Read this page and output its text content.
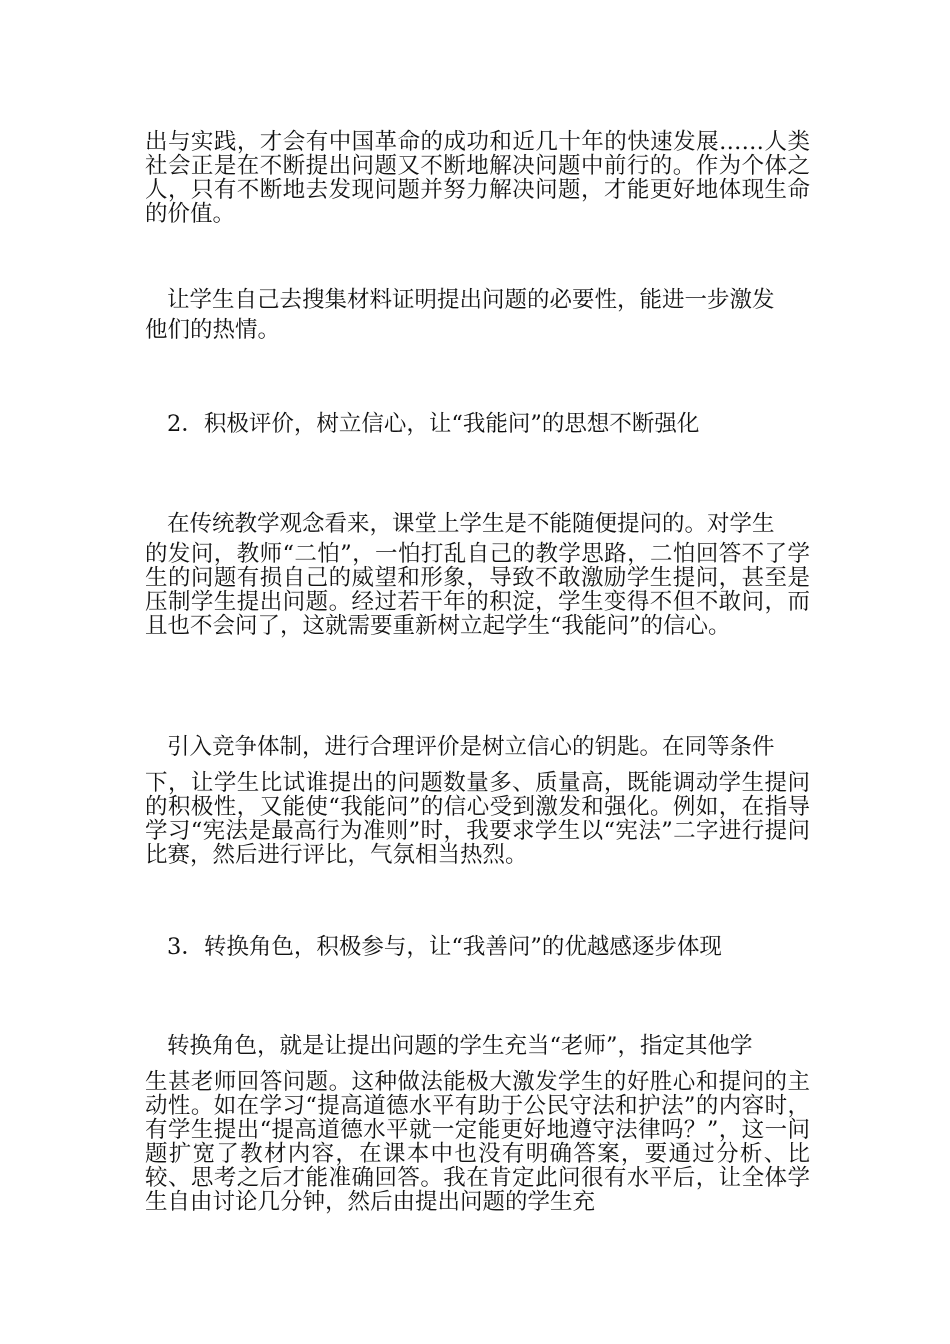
出与实践，才会有中国革命的成功和近几十年的快速发展……人类社会正是在不断提出问题又不断地解决问题中前行的。作为个体之人，只有不断地去发现问题并努力解决问题，才能更好地体现生命的价值。
让学生自己去搜集材料证明提出问题的必要性，能进一步激发
他们的热情。
2．积极评价，树立信心，让“我能问”的思想不断强化
在传统教学观念看来，课堂上学生是不能随便提问的。对学生
的发问，教师“二怕”，一怕打乱自己的教学思路，二怕回答不了学生的问题有损自己的威望和形象，导致不敢激励学生提问，甚至是压制学生提出问题。经过若干年的积淀，学生变得不但不敢问，而且也不会问了，这就需要重新树立起学生“我能问”的信心。
引入竞争体制，进行合理评价是树立信心的钥匙。在同等条件
下，让学生比试谁提出的问题数量多、质量高，既能调动学生提问的积极性，又能使“我能问”的信心受到激发和强化。例如，在指导学习“宪法是最高行为准则”时，我要求学生以“宪法”二字进行提问比赛，然后进行评比，气氛相当热烈。
3．转换角色，积极参与，让“我善问”的优越感逐步体现
转换角色，就是让提出问题的学生充当“老师”，指定其他学
生甚老师回答问题。这种做法能极大激发学生的好胜心和提问的主动性。如在学习“提高道德水平有助于公民守法和护法”的内容时，有学生提出“提高道德水平就一定能更好地遵守法律吗？”，这一问题扩宽了教材内容，在课本中也没有明确答案，要通过分析、比较、思考之后才能准确回答。我在肯定此问很有水平后，让全体学生自由讨论几分钟，然后由提出问题的学生充
